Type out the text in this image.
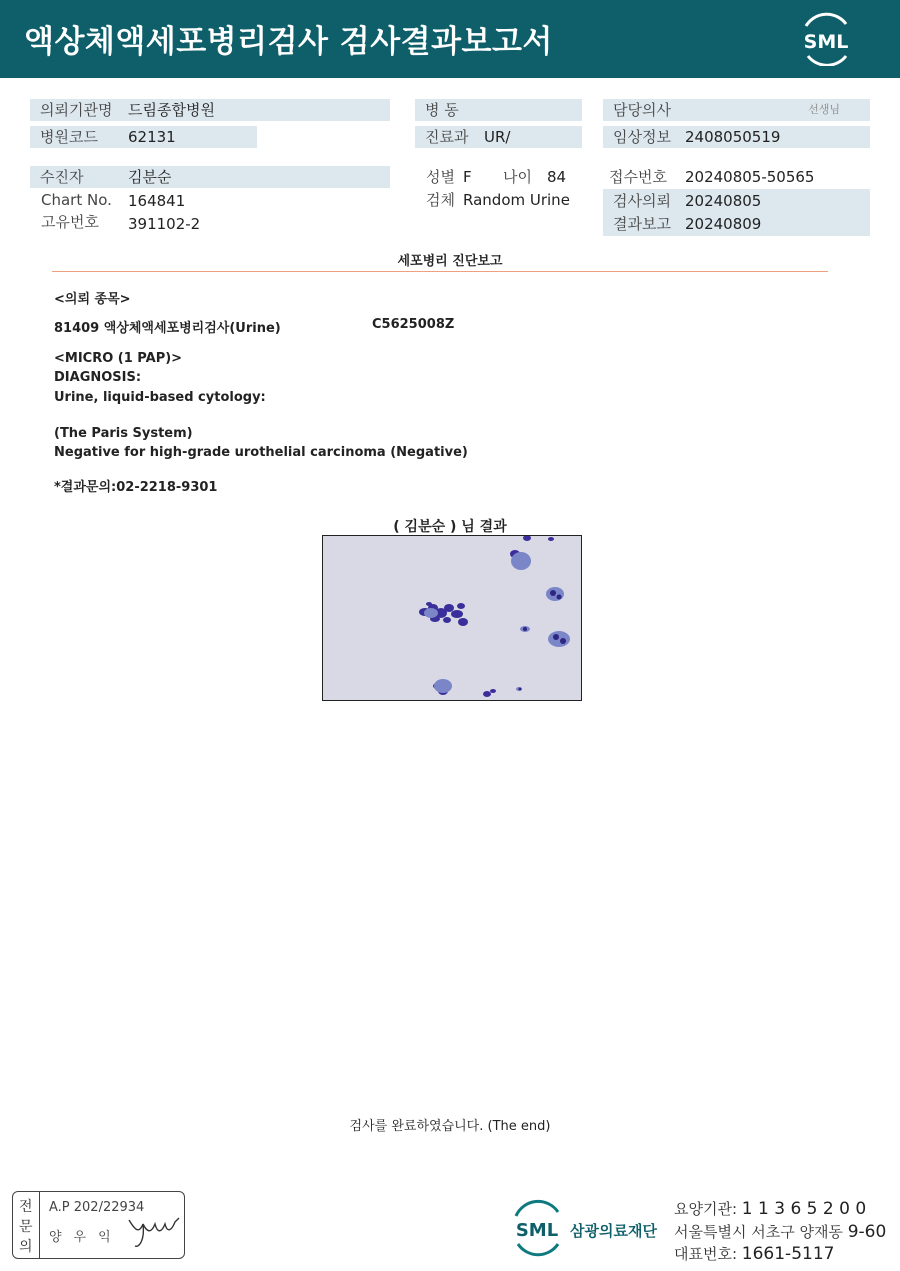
액상체액세포병리검사 검사결과보고서	SML
의뢰기관명 드림종합병원
병원코드 62131
수진자	김분순
Chart No. 164841
고유번호 391102-2
병 동
진료과 UR/
성별 F 나이 84
검체 Random Urine
담당의사	선생님
임상정보 2408050519
접수번호 20240805-50565
검사의뢰 20240805
결과보고 20240809
세포병리 진단보고
<의뢰 종목>
81409 액상체액세포병리검사(Urine)	C5625008Z
<MICRO (1 PAP)>
DIAGNOSIS:
Urine, liquid-based cytology:
(The Paris System)
Negative for high-grade urothelial carcinoma (Negative)
*결과문의:02-2218-9301
( 김분순 ) 님 결과
검사를 완료하였습니다. (The end)
전
문
의
A.P 202/22934
양우익	SML 삼광의료재단
요양기관: 1 1 3 6 5 2 0 0
서울특별시 서초구 양재동 9-60
대표번호: 1661-5117
